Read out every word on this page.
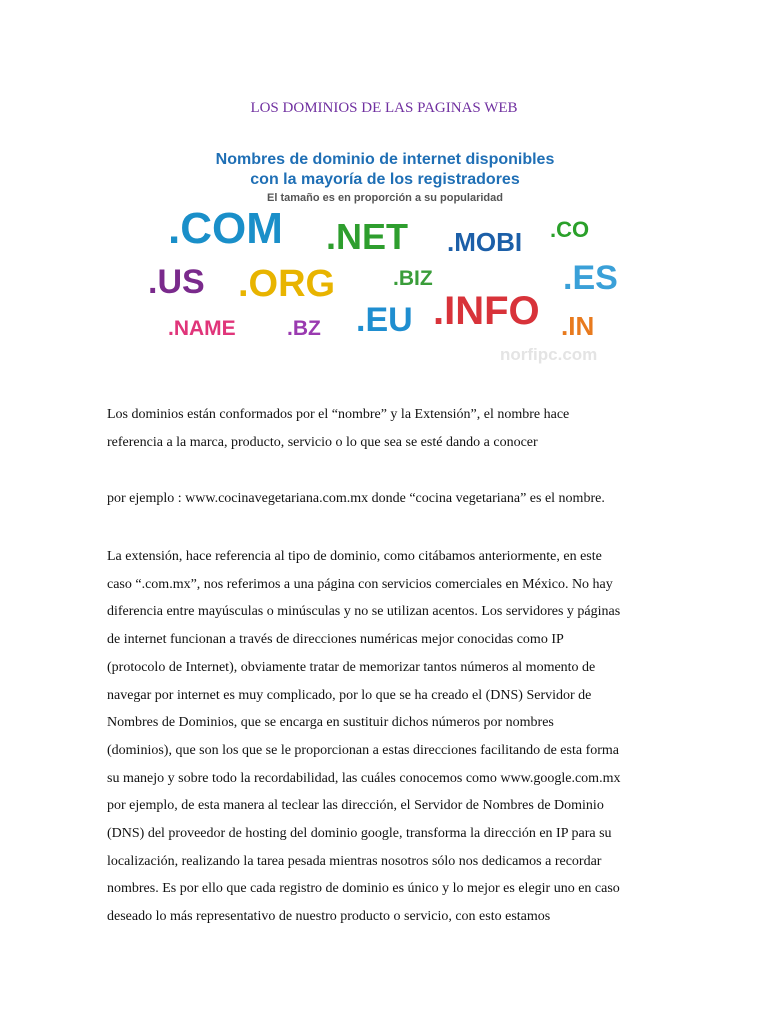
LOS DOMINIOS DE LAS PAGINAS WEB
Nombres de dominio de internet disponibles
con la mayoría de los registradores
El tamaño es en proporción a su popularidad
.COM .NET .MOBI .CO
.US .ORG	.BIZ	.ES
.NAME .BZ .EU .INFO .IN
norfipc.com

Los dominios están conformados por el “nombre” y la Extensión”, el nombre hace

referencia a la marca, producto, servicio o lo que sea se esté dando a conocer

por ejemplo : www.cocinavegetariana.com.mx donde “cocina vegetariana” es el nombre.

La extensión, hace referencia al tipo de dominio, como citábamos anteriormente, en este

caso “.com.mx”, nos referimos a una página con servicios comerciales en México. No hay

diferencia entre mayúsculas o minúsculas y no se utilizan acentos. Los servidores y páginas

de internet funcionan a través de direcciones numéricas mejor conocidas como IP

(protocolo de Internet), obviamente tratar de memorizar tantos números al momento de

navegar por internet es muy complicado, por lo que se ha creado el (DNS) Servidor de

Nombres de Dominios, que se encarga en sustituir dichos números por nombres

(dominios), que son los que se le proporcionan a estas direcciones facilitando de esta forma

su manejo y sobre todo la recordabilidad, las cuáles conocemos como www.google.com.mx

por ejemplo, de esta manera al teclear las dirección, el Servidor de Nombres de Dominio

(DNS) del proveedor de hosting del dominio google, transforma la dirección en IP para su

localización, realizando la tarea pesada mientras nosotros sólo nos dedicamos a recordar

nombres. Es por ello que cada registro de dominio es único y lo mejor es elegir uno en caso

deseado lo más representativo de nuestro producto o servicio, con esto estamos
